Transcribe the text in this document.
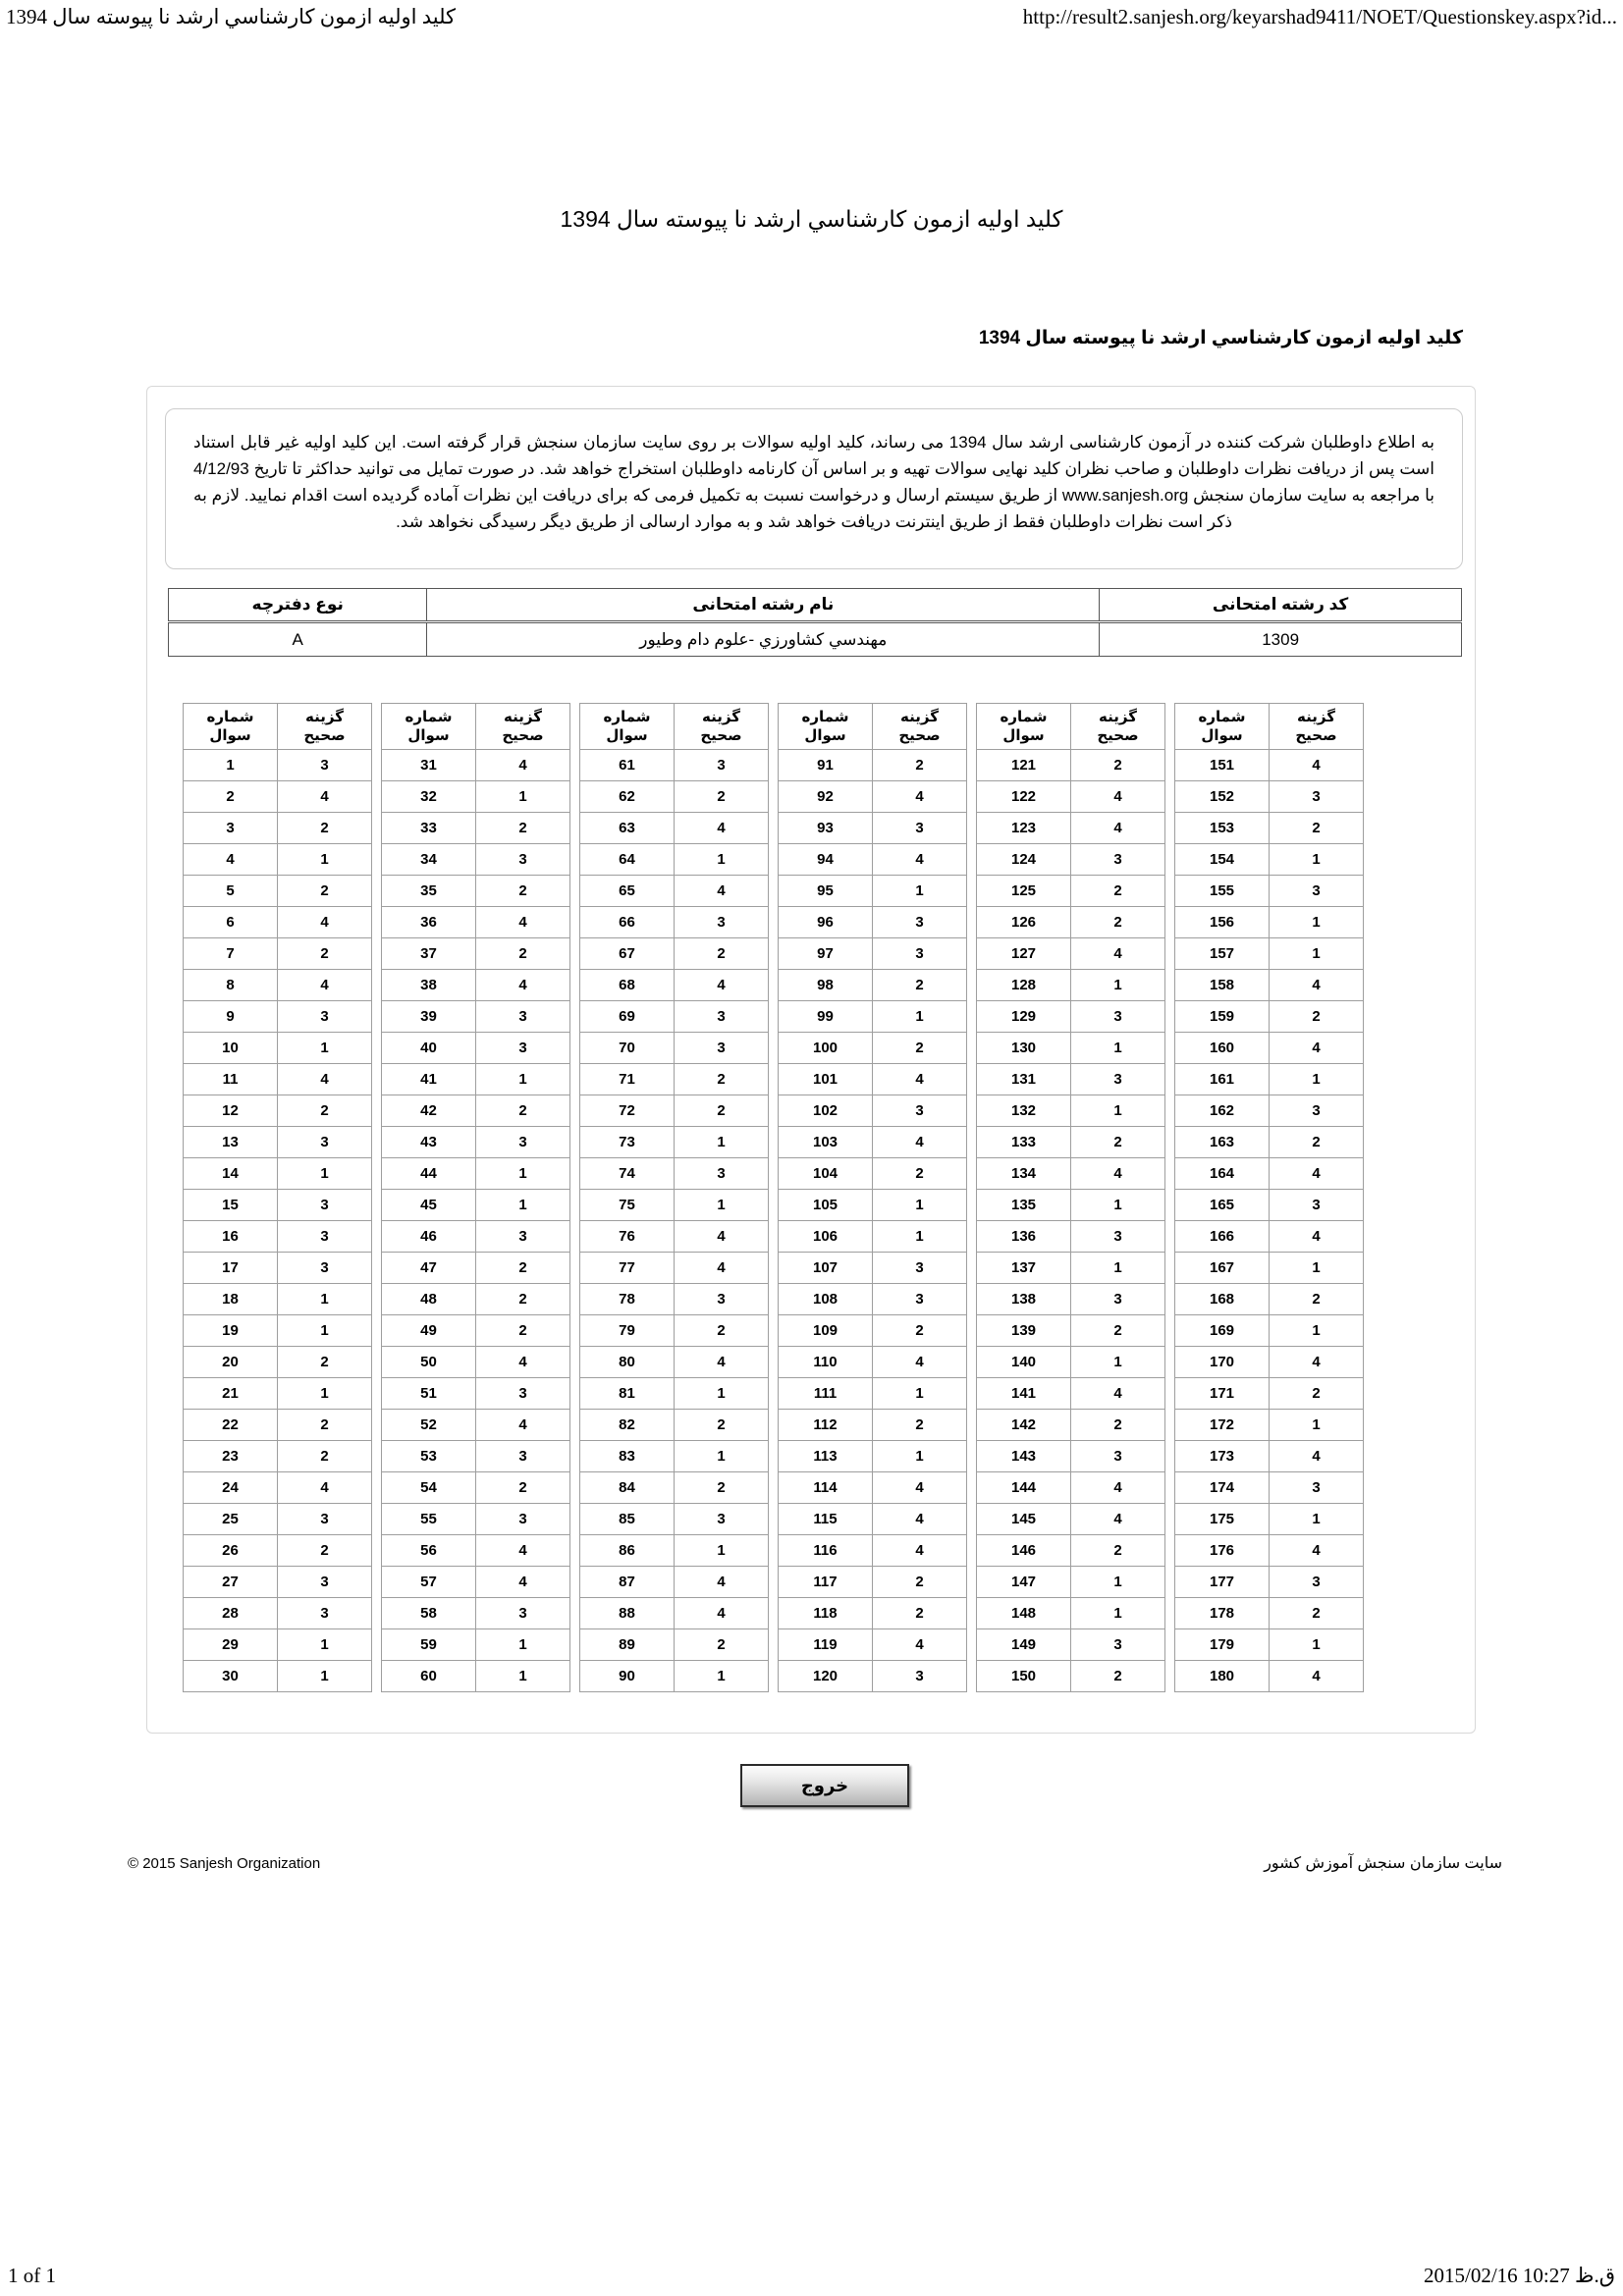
کلید اولیه ازمون کارشناسي ارشد نا پیوسته سال 1394	http://result2.sanjesh.org/keyarshad9411/NOET/Questionskey.aspx?id...
کلید اولیه ازمون کارشناسي ارشد نا پیوسته سال 1394
کلید اولیه ازمون کارشناسي ارشد نا پیوسته سال 1394
به اطلاع داوطلبان شرکت کننده در آزمون کارشناسی ارشد سال 1394 می رساند، کلید اولیه سوالات بر روی سایت سازمان سنجش قرار گرفته است. این کلید اولیه غیر قابل استناد است پس از دریافت نظرات داوطلبان و صاحب نظران کلید نهایی سوالات تهیه و بر اساس آن کارنامه داوطلبان استخراج خواهد شد. در صورت تمایل می توانید حداکثر تا تاریخ 4/12/93 با مراجعه به سایت سازمان سنجش www.sanjesh.org از طریق سیستم ارسال و درخواست نسبت به تکمیل فرمی که برای دریافت این نظرات آماده گردیده است اقدام نمایید. لازم به ذکر است نظرات داوطلبان فقط از طریق اینترنت دریافت خواهد شد و به موارد ارسالی از طریق دیگر رسیدگی نخواهد شد.
کد رشته امتحانی	نام رشته امتحانی	نوع دفترچه
1309	مهندسي کشاورزي -علوم دام وطیور	A
شماره سوال	گزینه صحیح
1	3
2	4
3	2
4	1
5	2
6	4
7	2
8	4
9	3
10	1
11	4
12	2
13	3
14	1
15	3
16	3
17	3
18	1
19	1
20	2
21	1
22	2
23	2
24	4
25	3
26	2
27	3
28	3
29	1
30	1
شماره سوال	گزینه صحیح
31	4
32	1
33	2
34	3
35	2
36	4
37	2
38	4
39	3
40	3
41	1
42	2
43	3
44	1
45	1
46	3
47	2
48	2
49	2
50	4
51	3
52	4
53	3
54	2
55	3
56	4
57	4
58	3
59	1
60	1
شماره سوال	گزینه صحیح
61	3
62	2
63	4
64	1
65	4
66	3
67	2
68	4
69	3
70	3
71	2
72	2
73	1
74	3
75	1
76	4
77	4
78	3
79	2
80	4
81	1
82	2
83	1
84	2
85	3
86	1
87	4
88	4
89	2
90	1
شماره سوال	گزینه صحیح
91	2
92	4
93	3
94	4
95	1
96	3
97	3
98	2
99	1
100	2
101	4
102	3
103	4
104	2
105	1
106	1
107	3
108	3
109	2
110	4
111	1
112	2
113	1
114	4
115	4
116	4
117	2
118	2
119	4
120	3
شماره سوال	گزینه صحیح
121	2
122	4
123	4
124	3
125	2
126	2
127	4
128	1
129	3
130	1
131	3
132	1
133	2
134	4
135	1
136	3
137	1
138	3
139	2
140	1
141	4
142	2
143	3
144	4
145	4
146	2
147	1
148	1
149	3
150	2
شماره سوال	گزینه صحیح
151	4
152	3
153	2
154	1
155	3
156	1
157	1
158	4
159	2
160	4
161	1
162	3
163	2
164	4
165	3
166	4
167	1
168	2
169	1
170	4
171	2
172	1
173	4
174	3
175	1
176	4
177	3
178	2
179	1
180	4
خروج
© 2015 Sanjesh Organization	سایت سازمان سنجش آموزش کشور
1 of 1	2015/02/16 10:27 ق.ظ
